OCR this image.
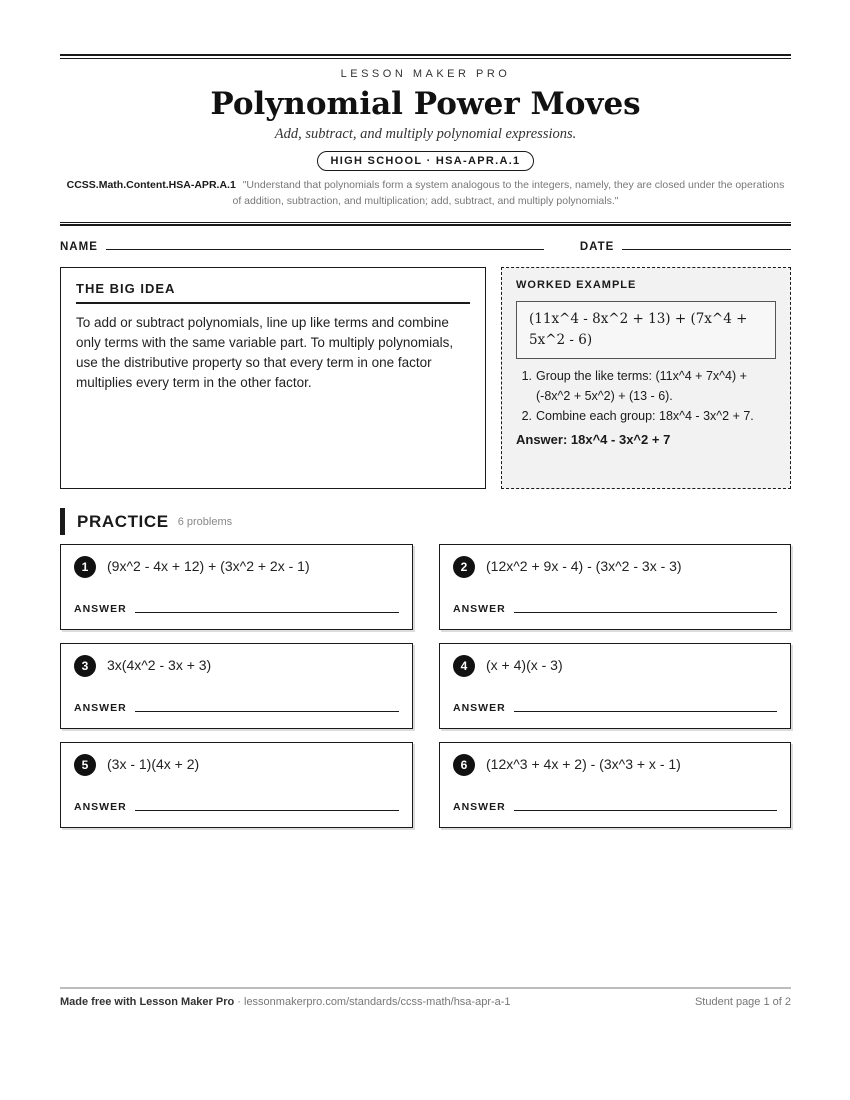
LESSON MAKER PRO
Polynomial Power Moves
Add, subtract, and multiply polynomial expressions.
HIGH SCHOOL · HSA-APR.A.1
CCSS.Math.Content.HSA-APR.A.1 "Understand that polynomials form a system analogous to the integers, namely, they are closed under the operations of addition, subtraction, and multiplication; add, subtract, and multiply polynomials."
NAME	DATE
THE BIG IDEA

To add or subtract polynomials, line up like terms and combine only terms with the same variable part. To multiply polynomials, use the distributive property so that every term in one factor multiplies every term in the other factor.

WORKED EXAMPLE
(11x^4 - 8x^2 + 13) + (7x^4 + 5x^2 - 6)
1. Group the like terms: (11x^4 + 7x^4) + (-8x^2 + 5x^2) + (13 - 6).
2. Combine each group: 18x^4 - 3x^2 + 7.
Answer: 18x^4 - 3x^2 + 7
PRACTICE 6 problems
1	(9x^2 - 4x + 12) + (3x^2 + 2x - 1)
ANSWER
2	(12x^2 + 9x - 4) - (3x^2 - 3x - 3)
ANSWER
3	3x(4x^2 - 3x + 3)
ANSWER
4	(x + 4)(x - 3)
ANSWER
5	(3x - 1)(4x + 2)
ANSWER
6	(12x^3 + 4x + 2) - (3x^3 + x - 1)
ANSWER
Made free with Lesson Maker Pro · lessonmakerpro.com/standards/ccss-math/hsa-apr-a-1	Student page 1 of 2
